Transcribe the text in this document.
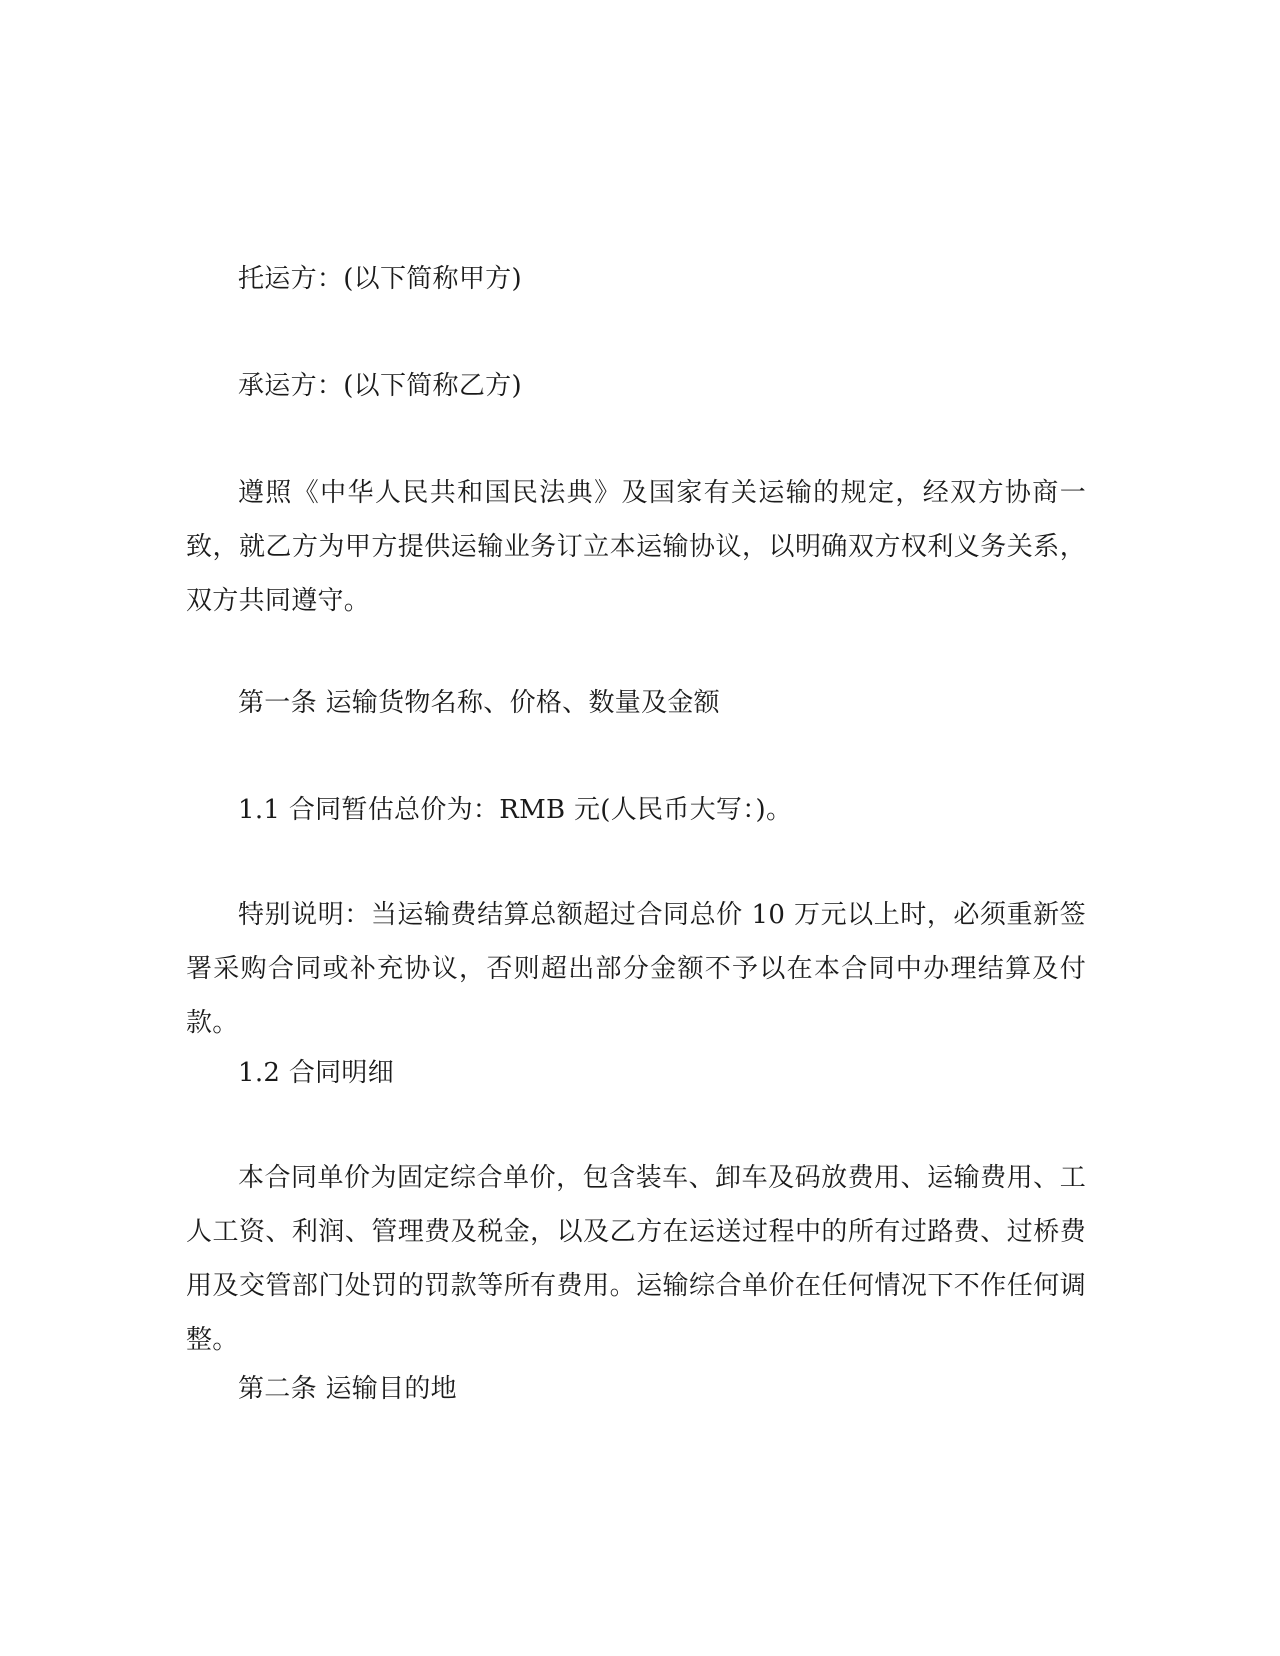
托运方：(以下简称甲方)

承运方：(以下简称乙方)

遵照《中华人民共和国民法典》及国家有关运输的规定，经双方协商一致，就乙方为甲方提供运输业务订立本运输协议，以明确双方权利义务关系，双方共同遵守。

第一条 运输货物名称、价格、数量及金额

1.1 合同暂估总价为：RMB 元(人民币大写：)。

特别说明：当运输费结算总额超过合同总价 10 万元以上时，必须重新签署采购合同或补充协议，否则超出部分金额不予以在本合同中办理结算及付款。

1.2 合同明细

本合同单价为固定综合单价，包含装车、卸车及码放费用、运输费用、工人工资、利润、管理费及税金，以及乙方在运送过程中的所有过路费、过桥费用及交管部门处罚的罚款等所有费用。运输综合单价在任何情况下不作任何调整。

第二条 运输目的地
